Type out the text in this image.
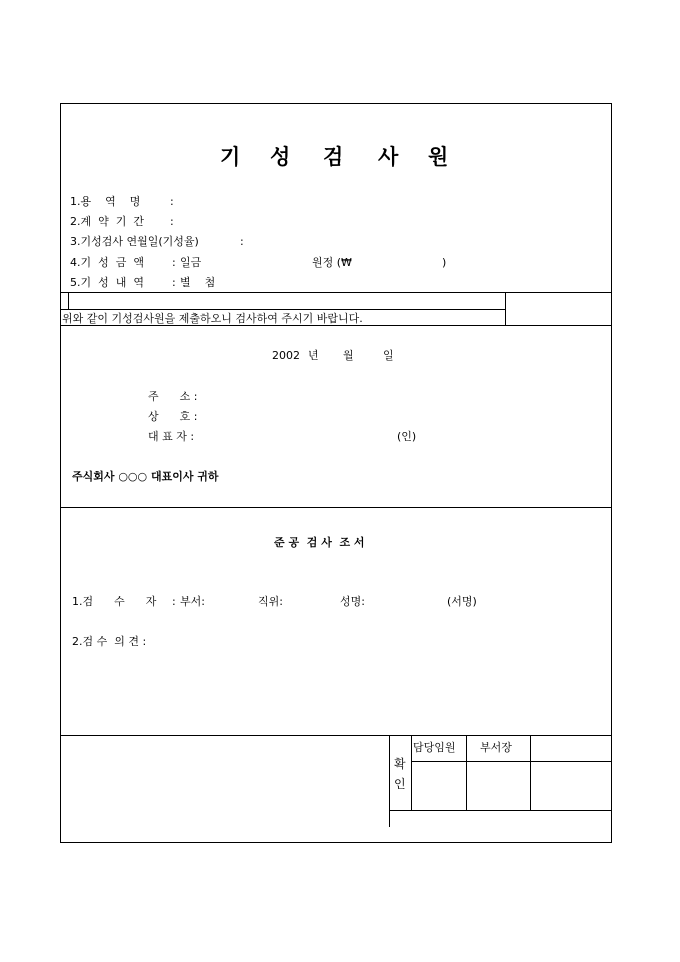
기 성 검 사 원
1.용    역    명	:
2.계  약  기  간 :
3.기성검사 연월일(기성율)	:
4.기  성  금  액	: 일금	원정 (₩	)
5.기  성  내  역	: 별    첨
위와 같이 기성검사원을 제출하오니 검사하여 주시기 바랍니다.
2002 년 월	일
주      소 :
상      호 :
대 표 자 :	(인)
주식회사 ○○○ 대표이사 귀하
준 공  검 사  조 서
1.검      수      자 : 부서:	직위:	성명:	(서명)
2.검 수  의 견 :
확
인
담당임원 부서장
